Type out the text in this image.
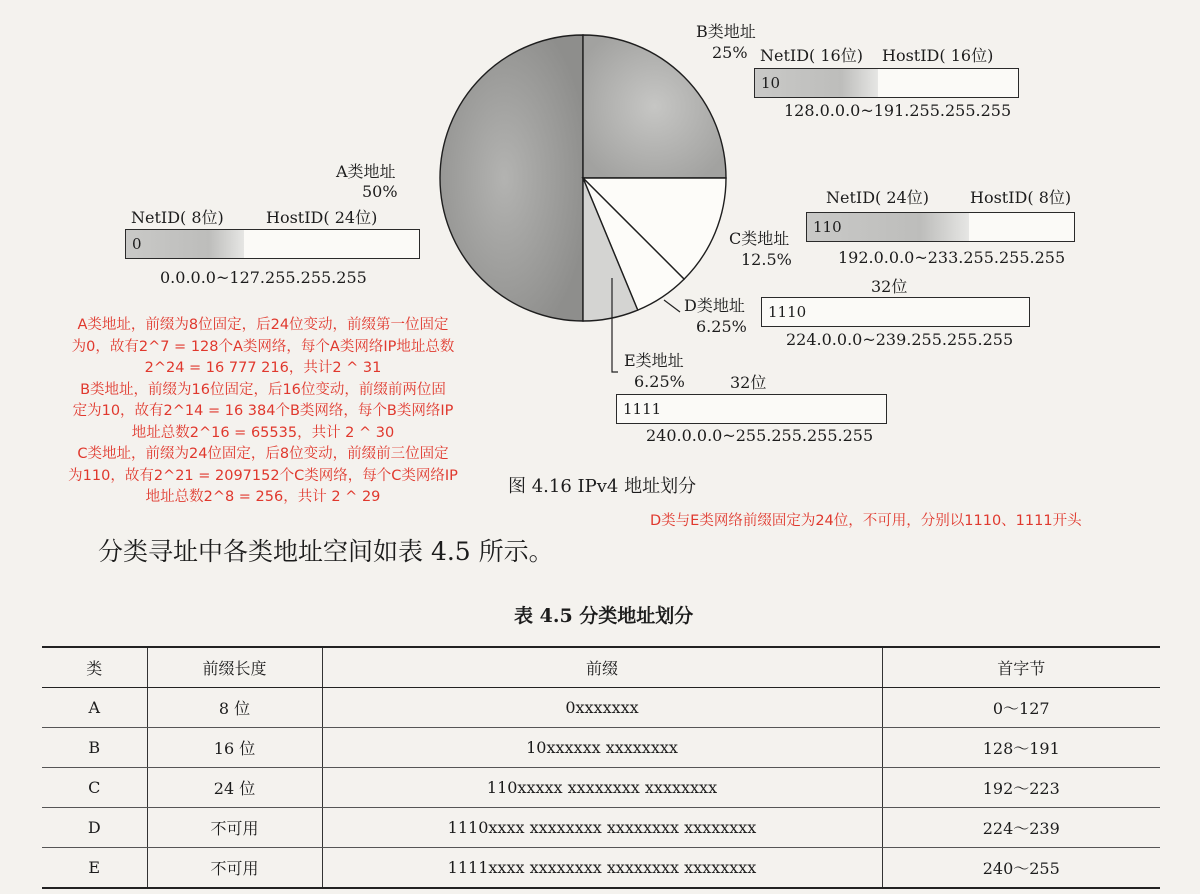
B类地址
25%
A类地址
50%
C类地址
12.5%
D类地址
6.25%
E类地址
6.25%
NetID( 16位) HostID( 16位)
10
128.0.0.0~191.255.255.255
NetID( 8位)	HostID( 24位)
0
0.0.0.0~127.255.255.255
NetID( 24位)	HostID( 8位)
110
192.0.0.0~233.255.255.255
32位
1110
224.0.0.0~239.255.255.255
32位
1111
240.0.0.0~255.255.255.255
图 4.16 IPv4 地址划分
A类地址，前缀为8位固定，后24位变动，前缀第一位固定
为0，故有2^7 = 128个A类网络，每个A类网络IP地址总数
2^24 = 16 777 216，共计2 ^ 31
B类地址，前缀为16位固定，后16位变动，前缀前两位固
定为10，故有2^14 = 16 384个B类网络，每个B类网络IP
地址总数2^16 = 65535，共计 2 ^ 30
C类地址，前缀为24位固定，后8位变动，前缀前三位固定
为110，故有2^21 = 2097152个C类网络，每个C类网络IP
地址总数2^8 = 256，共计 2 ^ 29
D类与E类网络前缀固定为24位，不可用，分别以1110、1111开头
分类寻址中各类地址空间如表 4.5 所示。
表 4.5 分类地址划分
类	前缀长度	前缀	首字节
A	8 位	0xxxxxxx	0～127
B	16 位	10xxxxxx xxxxxxxx	128～191
C	24 位	110xxxxx xxxxxxxx xxxxxxxx	192～223
D	不可用	1110xxxx xxxxxxxx xxxxxxxx xxxxxxxx	224～239
E	不可用	1111xxxx xxxxxxxx xxxxxxxx xxxxxxxx	240～255
